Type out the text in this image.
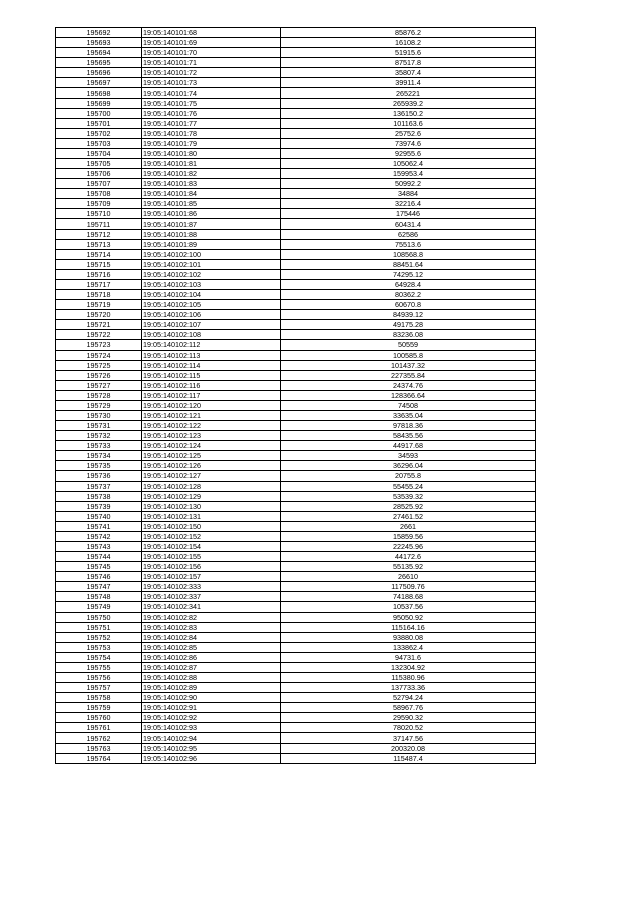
195692	19:05:140101:68	85876.2
195693	19:05:140101:69	16108.2
195694	19:05:140101:70	51915.6
195695	19:05:140101:71	87517.8
195696	19:05:140101:72	35807.4
195697	19:05:140101:73	39911.4
195698	19:05:140101:74	265221
195699	19:05:140101:75	265939.2
195700	19:05:140101:76	136150.2
195701	19:05:140101:77	101163.6
195702	19:05:140101:78	25752.6
195703	19:05:140101:79	73974.6
195704	19:05:140101:80	92955.6
195705	19:05:140101:81	105062.4
195706	19:05:140101:82	159953.4
195707	19:05:140101:83	50992.2
195708	19:05:140101:84	34884
195709	19:05:140101:85	32216.4
195710	19:05:140101:86	175446
195711	19:05:140101:87	60431.4
195712	19:05:140101:88	62586
195713	19:05:140101:89	75513.6
195714	19:05:140102:100	108568.8
195715	19:05:140102:101	88451.64
195716	19:05:140102:102	74295.12
195717	19:05:140102:103	64928.4
195718	19:05:140102:104	80362.2
195719	19:05:140102:105	60670.8
195720	19:05:140102:106	84939.12
195721	19:05:140102:107	49175.28
195722	19:05:140102:108	83236.08
195723	19:05:140102:112	50559
195724	19:05:140102:113	100585.8
195725	19:05:140102:114	101437.32
195726	19:05:140102:115	227355.84
195727	19:05:140102:116	24374.76
195728	19:05:140102:117	128366.64
195729	19:05:140102:120	74508
195730	19:05:140102:121	33635.04
195731	19:05:140102:122	97818.36
195732	19:05:140102:123	58435.56
195733	19:05:140102:124	44917.68
195734	19:05:140102:125	34593
195735	19:05:140102:126	36296.04
195736	19:05:140102:127	20755.8
195737	19:05:140102:128	55455.24
195738	19:05:140102:129	53539.32
195739	19:05:140102:130	28525.92
195740	19:05:140102:131	27461.52
195741	19:05:140102:150	2661
195742	19:05:140102:152	15859.56
195743	19:05:140102:154	22245.96
195744	19:05:140102:155	44172.6
195745	19:05:140102:156	55135.92
195746	19:05:140102:157	26610
195747	19:05:140102:333	117509.76
195748	19:05:140102:337	74188.68
195749	19:05:140102:341	10537.56
195750	19:05:140102:82	95050.92
195751	19:05:140102:83	115164.16
195752	19:05:140102:84	93880.08
195753	19:05:140102:85	133862.4
195754	19:05:140102:86	94731.6
195755	19:05:140102:87	132304.92
195756	19:05:140102:88	115380.96
195757	19:05:140102:89	137733.36
195758	19:05:140102:90	52794.24
195759	19:05:140102:91	58967.76
195760	19:05:140102:92	29590.32
195761	19:05:140102:93	78020.52
195762	19:05:140102:94	37147.56
195763	19:05:140102:95	200320.08
195764	19:05:140102:96	115487.4
